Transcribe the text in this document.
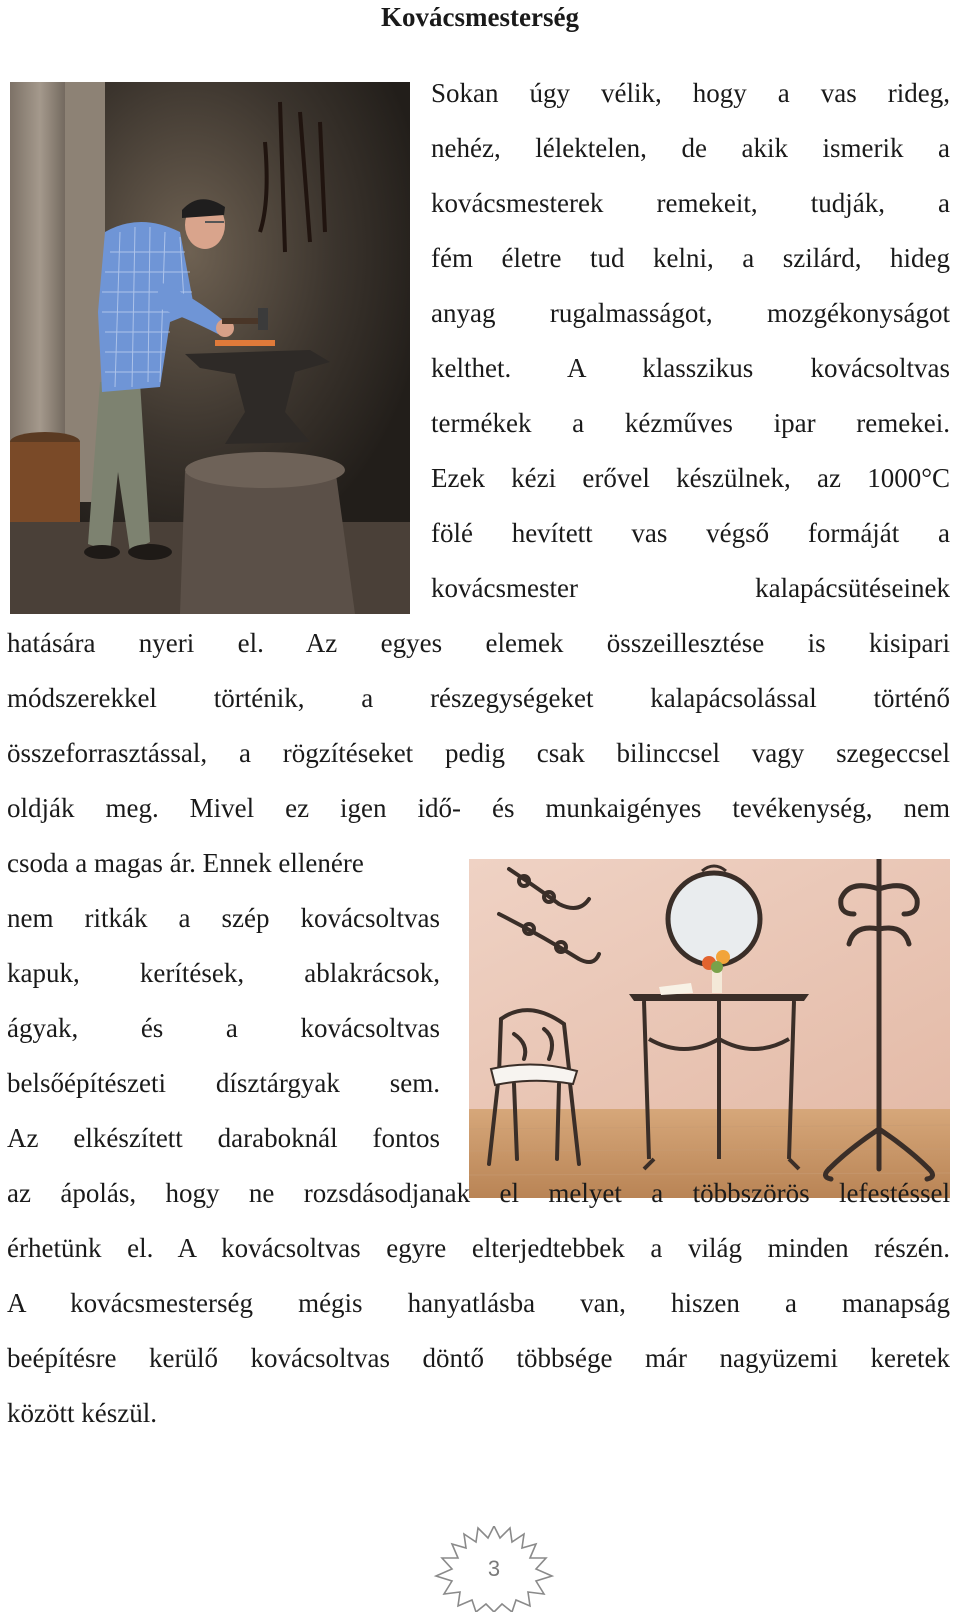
Kovácsmesterség
Sokan úgy vélik, hogy a vas rideg,
nehéz, lélektelen, de akik ismerik a
kovácsmesterek remekeit, tudják, a
fém életre tud kelni, a szilárd, hideg
anyag rugalmasságot, mozgékonyságot
kelthet. A klasszikus kovácsoltvas
termékek a kézműves ipar remekei.
Ezek kézi erővel készülnek, az 1000°C
fölé hevített vas végső formáját a
kovácsmester kalapácsütéseinek
hatására nyeri el. Az egyes elemek összeillesztése is kisipari
módszerekkel történik, a részegységeket kalapácsolással történő
összeforrasztással, a rögzítéseket pedig csak bilinccsel vagy szegeccsel
oldják meg. Mivel ez igen idő- és munkaigényes tevékenység, nem
csoda a magas ár. Ennek ellenére
nem ritkák a szép kovácsoltvas
kapuk, kerítések, ablakrácsok,
ágyak, és a kovácsoltvas
belsőépítészeti dísztárgyak sem.
Az elkészített daraboknál fontos
az ápolás, hogy ne rozsdásodjanak el melyet a többszörös lefestéssel
érhetünk el. A kovácsoltvas egyre elterjedtebbek a világ minden részén.
A kovácsmesterség mégis hanyatlásba van, hiszen a manapság
beépítésre kerülő kovácsoltvas döntő többsége már nagyüzemi keretek
között készül.
3
